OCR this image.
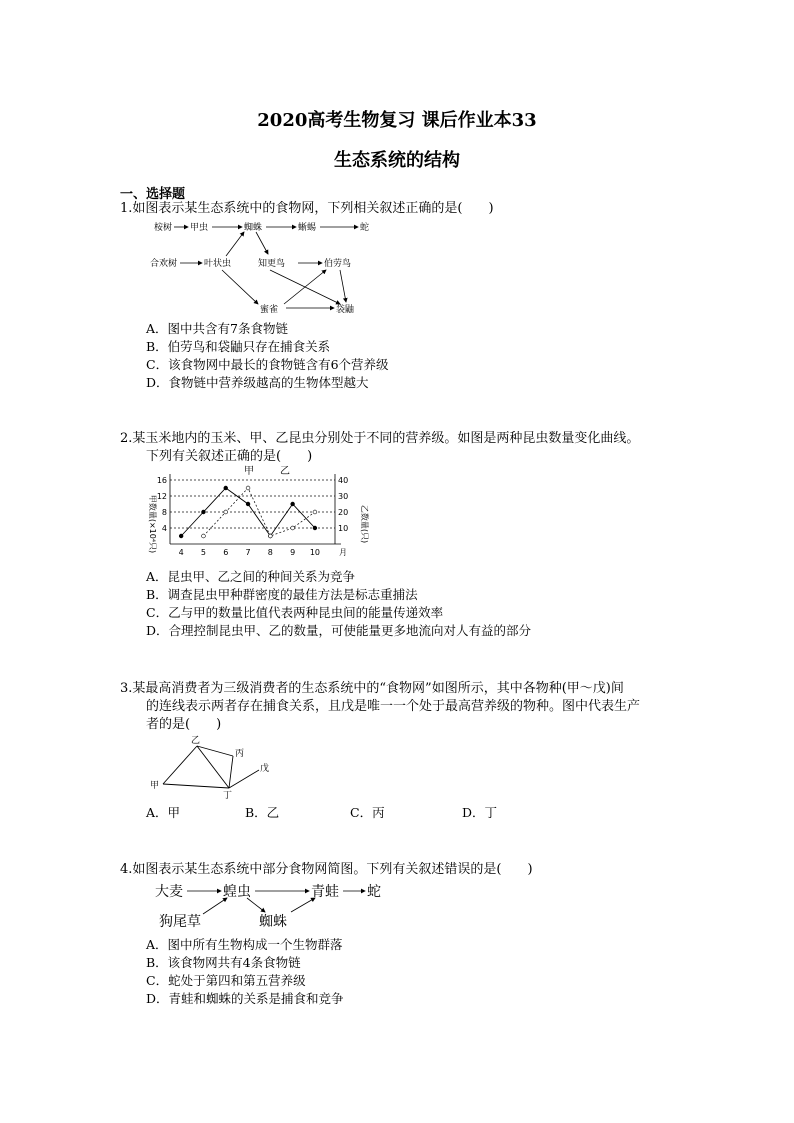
2020高考生物复习 课后作业本33
生态系统的结构
一、选择题
1.如图表示某生态系统中的食物网，下列相关叙述正确的是(　　)
桉树 甲虫	蜘蛛	蜥蜴	蛇
合欢树	叶状虫	知更鸟	伯劳鸟
蜜雀	袋鼬
A．图中共含有7条食物链
B．伯劳鸟和袋鼬只存在捕食关系
C．该食物网中最长的食物链含有6个营养级
D．食物链中营养级越高的生物体型越大
2.某玉米地内的玉米、甲、乙昆虫分别处于不同的营养级。如图是两种昆虫数量变化曲线。
下列有关叙述正确的是(　　)
甲	乙
甲数量(×10⁴只)	乙数量(只)
4
8
12
16
10
20
30
40
4 5 6 7 8 9 10 月
A．昆虫甲、乙之间的种间关系为竞争
B．调查昆虫甲种群密度的最佳方法是标志重捕法
C．乙与甲的数量比值代表两种昆虫间的能量传递效率
D．合理控制昆虫甲、乙的数量，可使能量更多地流向对人有益的部分
3.某最高消费者为三级消费者的生态系统中的“食物网”如图所示，其中各物种(甲～戊)间
的连线表示两者存在捕食关系，且戊是唯一一个处于最高营养级的物种。图中代表生产
者的是(　　)
甲
乙
丙
丁
戊
A．甲	B．乙	C．丙	D．丁
4.如图表示某生态系统中部分食物网简图。下列有关叙述错误的是(　　)
大麦	蝗虫	青蛙 蛇
狗尾草	蜘蛛
A．图中所有生物构成一个生物群落
B．该食物网共有4条食物链
C．蛇处于第四和第五营养级
D．青蛙和蜘蛛的关系是捕食和竞争
